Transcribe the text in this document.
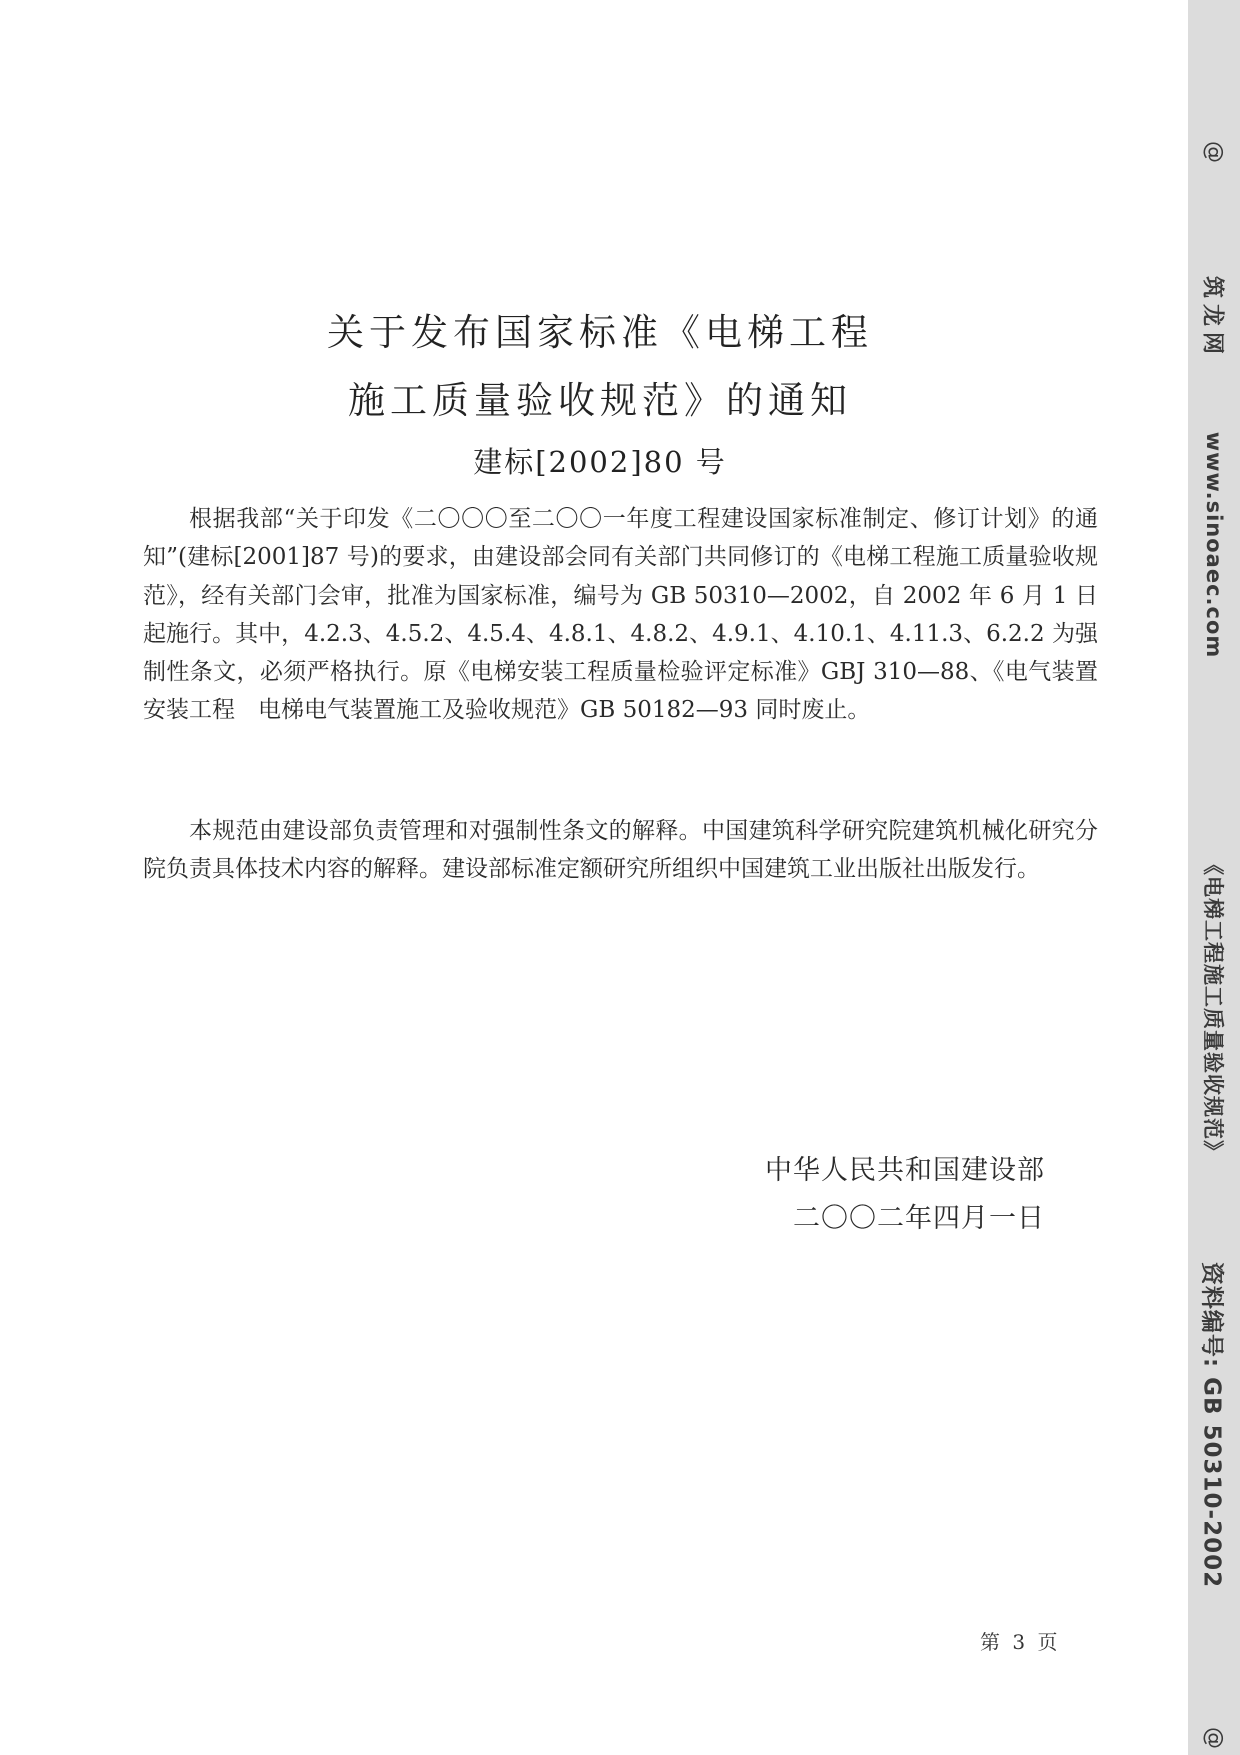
关于发布国家标准《电梯工程
施工质量验收规范》的通知
建标[2002]80 号

根据我部“关于印发《二〇〇〇至二〇〇一年度工程建设国家标准制定、修订计划》的通知”(建标[2001]87 号)的要求，由建设部会同有关部门共同修订的《电梯工程施工质量验收规范》，经有关部门会审，批准为国家标准，编号为 GB 50310—2002，自 2002 年 6 月 1 日起施行。其中，4.2.3、4.5.2、4.5.4、4.8.1、4.8.2、4.9.1、4.10.1、4.11.3、6.2.2 为强制性条文，必须严格执行。原《电梯安装工程质量检验评定标准》GBJ 310—88、《电气装置安装工程　电梯电气装置施工及验收规范》GB 50182—93 同时废止。

本规范由建设部负责管理和对强制性条文的解释。中国建筑科学研究院建筑机械化研究分院负责具体技术内容的解释。建设部标准定额研究所组织中国建筑工业出版社出版发行。

中华人民共和国建设部
二〇〇二年四月一日
第 3 页
@
筑龙网
www.sinoaec.com
《电梯工程施工质量验收规范》
资料编号: GB 50310-2002
@
